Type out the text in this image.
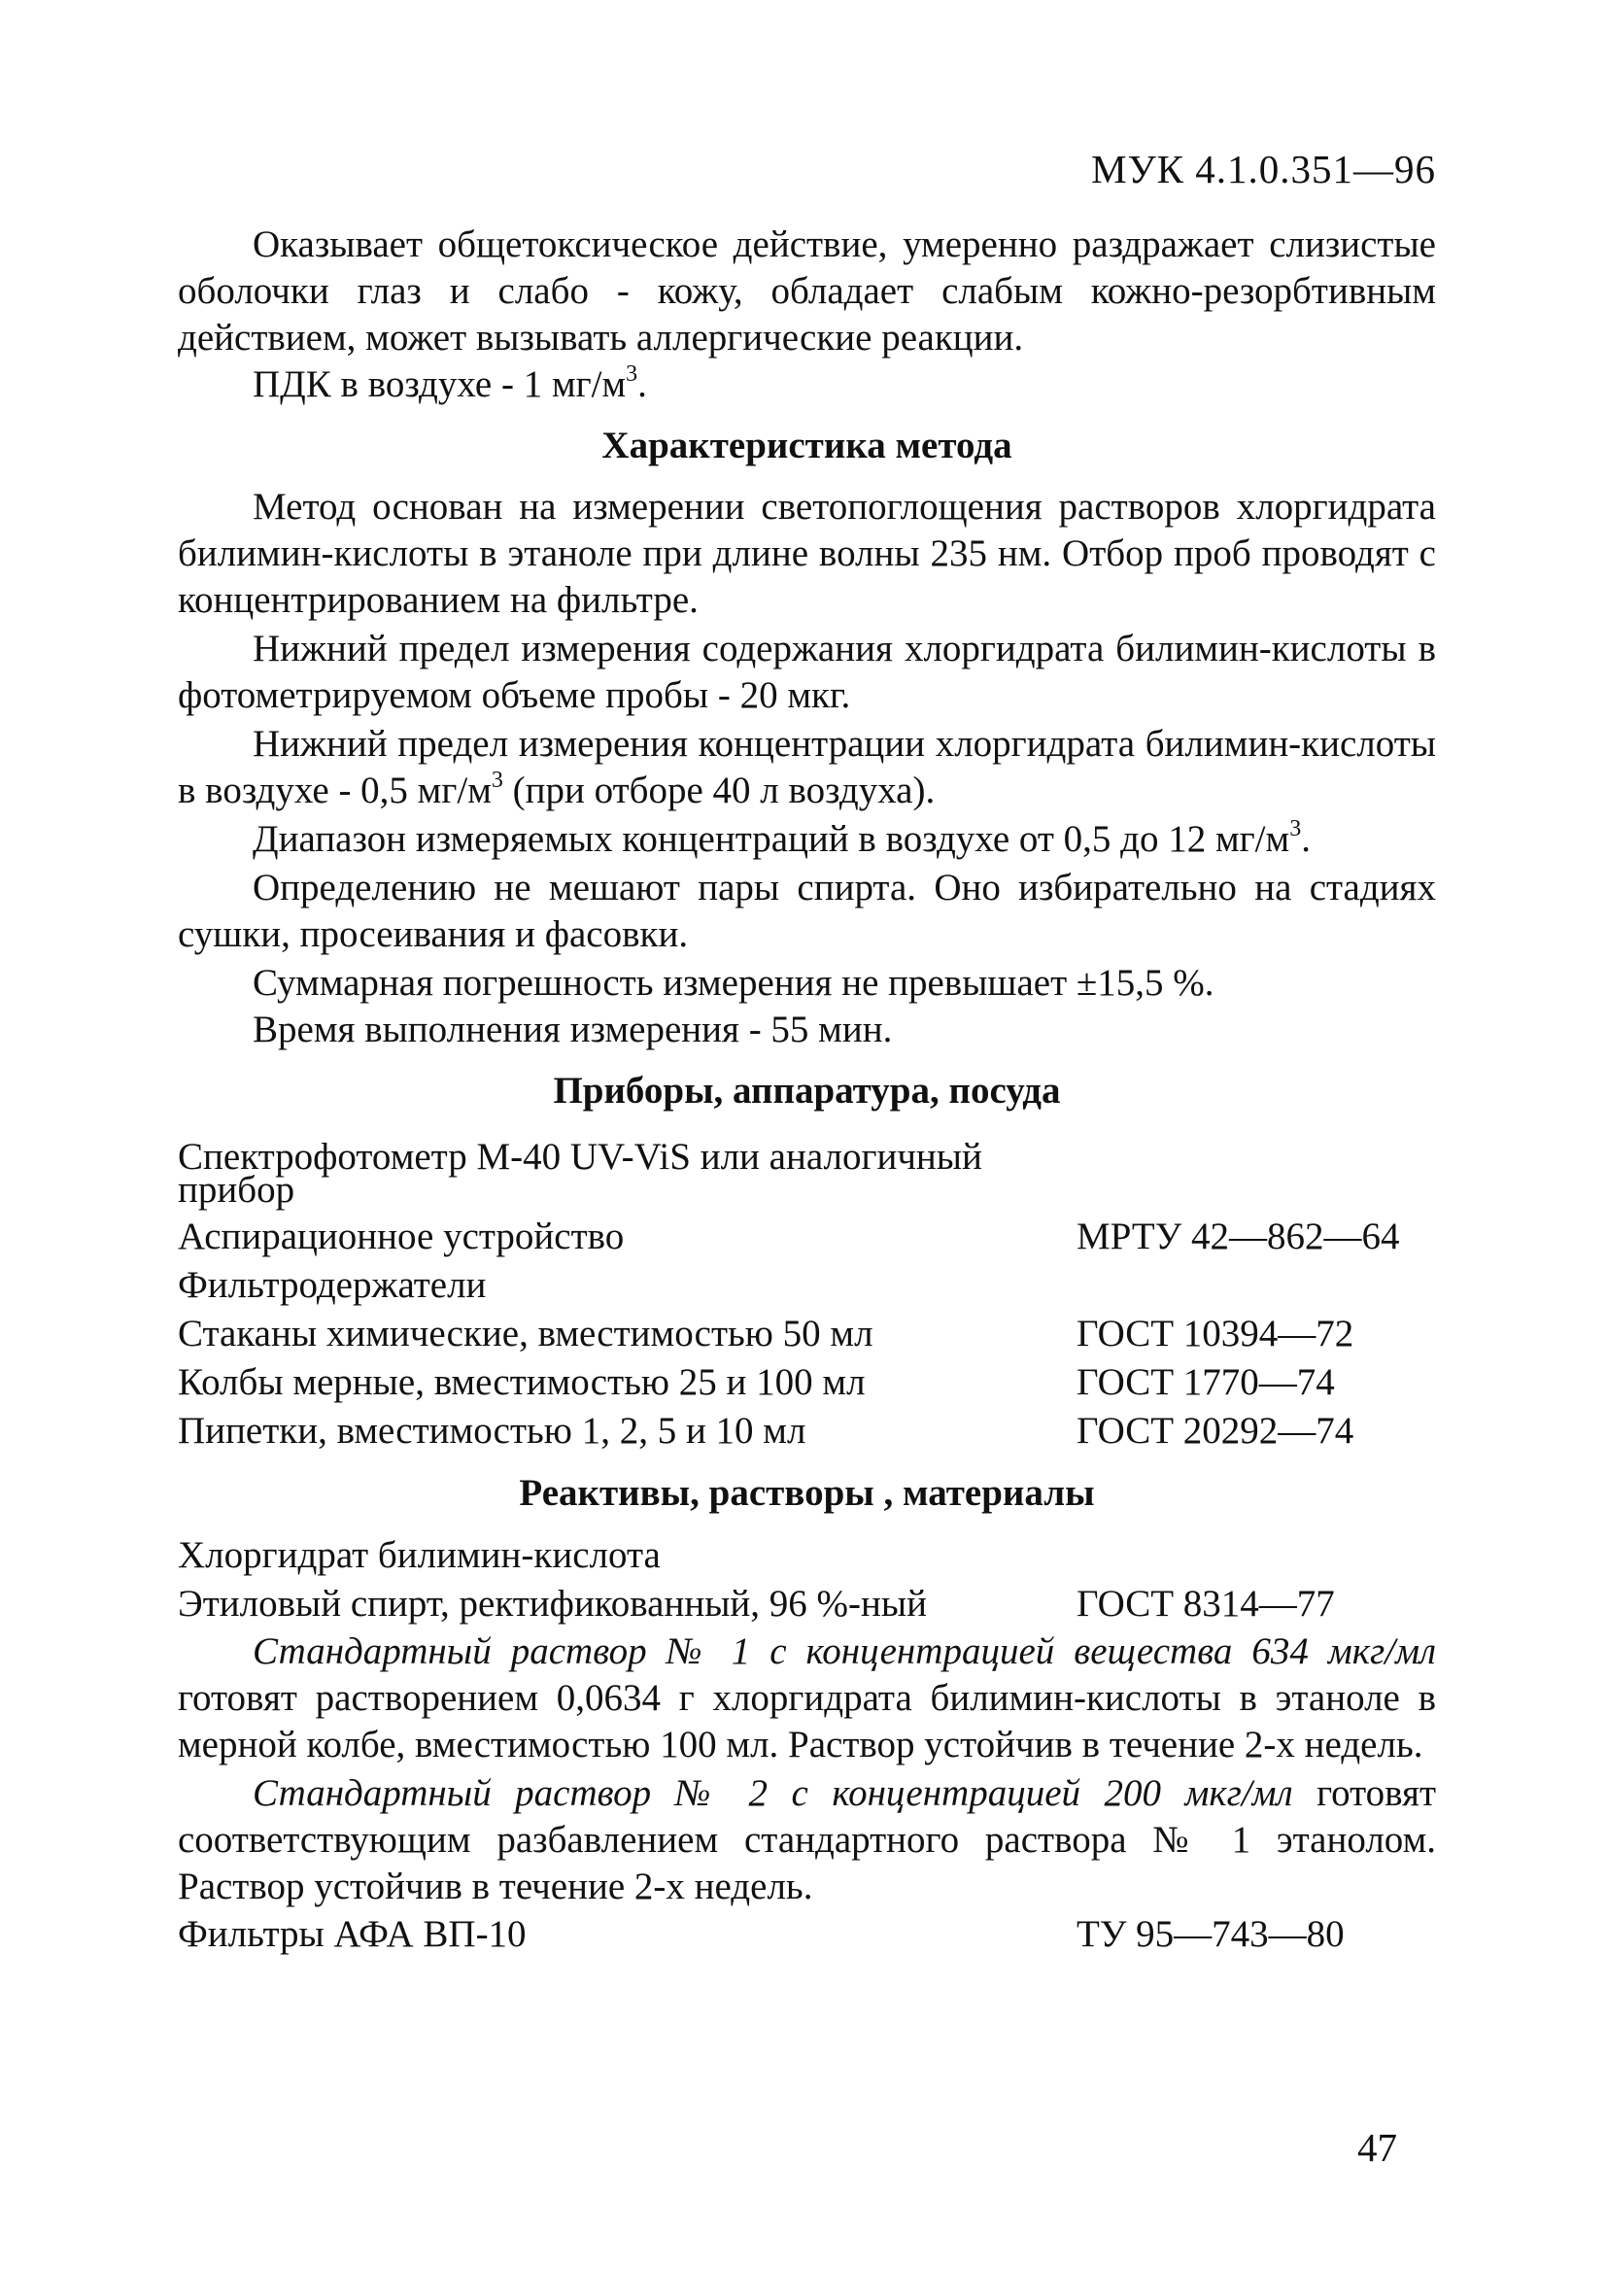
МУК 4.1.0.351—96

Оказывает общетоксическое действие, умеренно раздражает слизистые оболочки глаз и слабо - кожу, обладает слабым кожно-резорбтивным действием, может вызывать аллергические реакции.

ПДК в воздухе - 1 $мг/м^3$.

Характеристика метода

Метод основан на измерении светопоглощения растворов хлоргидрата билимин-кислоты в этаноле при длине волны 235 нм. Отбор проб проводят с концентрированием на фильтре.

Нижний предел измерения содержания хлоргидрата билимин-кислоты в фотометрируемом объеме пробы - 20 мкг.

Нижний предел измерения концентрации хлоргидрата билимин-кислоты в воздухе - 0,5 $мг/м^3$ (при отборе 40 л воздуха).

Диапазон измеряемых концентраций в воздухе от 0,5 до 12 $мг/м^3$.

Определению не мешают пары спирта. Оно избирательно на стадиях сушки, просеивания и фасовки.

Суммарная погрешность измерения не превышает ±15,5 %.

Время выполнения измерения - 55 мин.

Приборы, аппаратура, посуда
Спектрофотометр М-40 UV-ViS или аналогичный прибор
Аспирационное устройство	МРТУ 42—862—64
Фильтродержатели
Стаканы химические, вместимостью 50 мл	ГОСТ 10394—72
Колбы мерные, вместимостью 25 и 100 мл	ГОСТ 1770—74
Пипетки, вместимостью 1, 2, 5 и 10 мл	ГОСТ 20292—74
Реактивы, растворы , материалы
Хлоргидрат билимин-кислота
Этиловый спирт, ректификованный, 96 %-ный	ГОСТ 8314—77

Стандартный раствор № 1 с концентрацией вещества 634 мкг/мл готовят растворением 0,0634 г хлоргидрата билимин-кислоты в этаноле в мерной колбе, вместимостью 100 мл. Раствор устойчив в течение 2-х недель.

Стандартный раствор № 2 с концентрацией 200 мкг/мл готовят соответствующим разбавлением стандартного раствора № 1 этанолом. Раствор устойчив в течение 2-х недель.

Фильтры АФА ВП-10	ТУ 95—743—80
47
